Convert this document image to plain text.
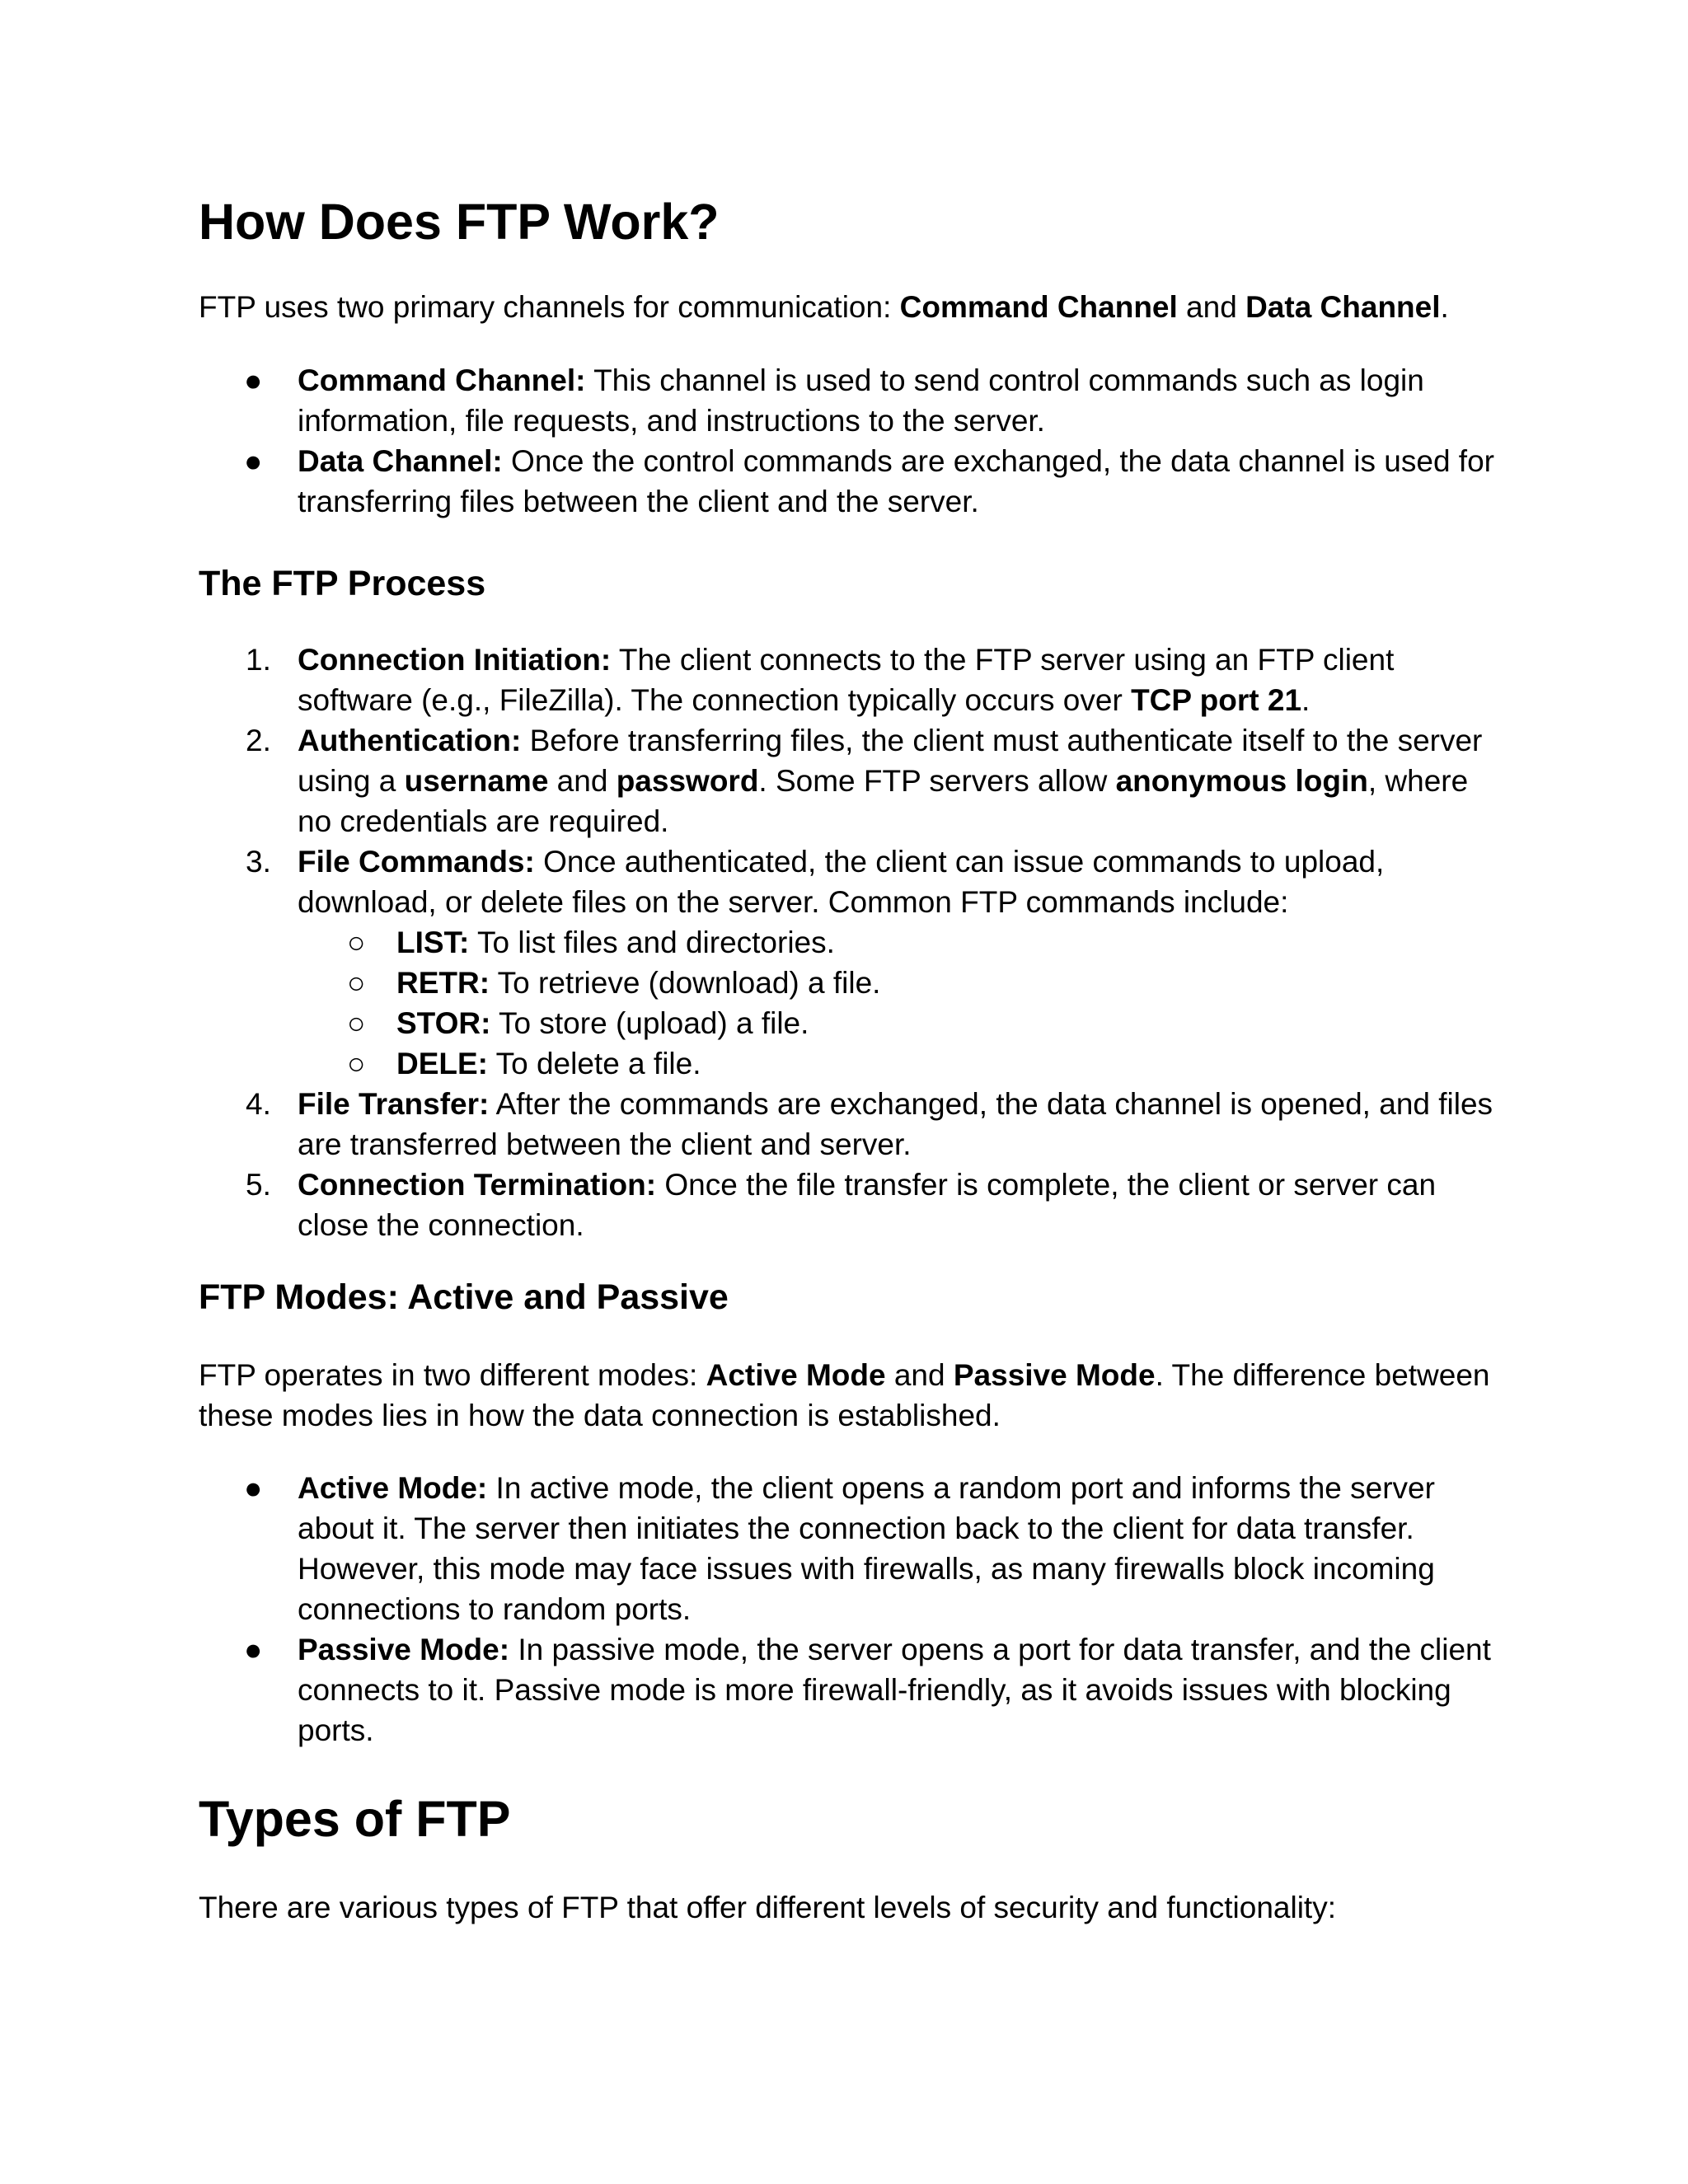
How Does FTP Work?

FTP uses two primary channels for communication: Command Channel and Data Channel.

●	Command Channel: This channel is used to send control commands such as login information, file requests, and instructions to the server.
●	Data Channel: Once the control commands are exchanged, the data channel is used for transferring files between the client and the server.
The FTP Process
1. Connection Initiation: The client connects to the FTP server using an FTP client software (e.g., FileZilla). The connection typically occurs over TCP port 21.
2. Authentication: Before transferring files, the client must authenticate itself to the server using a username and password. Some FTP servers allow anonymous login, where no credentials are required.
3. File Commands: Once authenticated, the client can issue commands to upload, download, or delete files on the server. Common FTP commands include:
○ LIST: To list files and directories.
○ RETR: To retrieve (download) a file.
○ STOR: To store (upload) a file.
○ DELE: To delete a file.
4. File Transfer: After the commands are exchanged, the data channel is opened, and files are transferred between the client and server.
5. Connection Termination: Once the file transfer is complete, the client or server can close the connection.
FTP Modes: Active and Passive

FTP operates in two different modes: Active Mode and Passive Mode. The difference between these modes lies in how the data connection is established.

●	Active Mode: In active mode, the client opens a random port and informs the server about it. The server then initiates the connection back to the client for data transfer. However, this mode may face issues with firewalls, as many firewalls block incoming connections to random ports.
●	Passive Mode: In passive mode, the server opens a port for data transfer, and the client connects to it. Passive mode is more firewall-friendly, as it avoids issues with blocking ports.
Types of FTP

There are various types of FTP that offer different levels of security and functionality:
